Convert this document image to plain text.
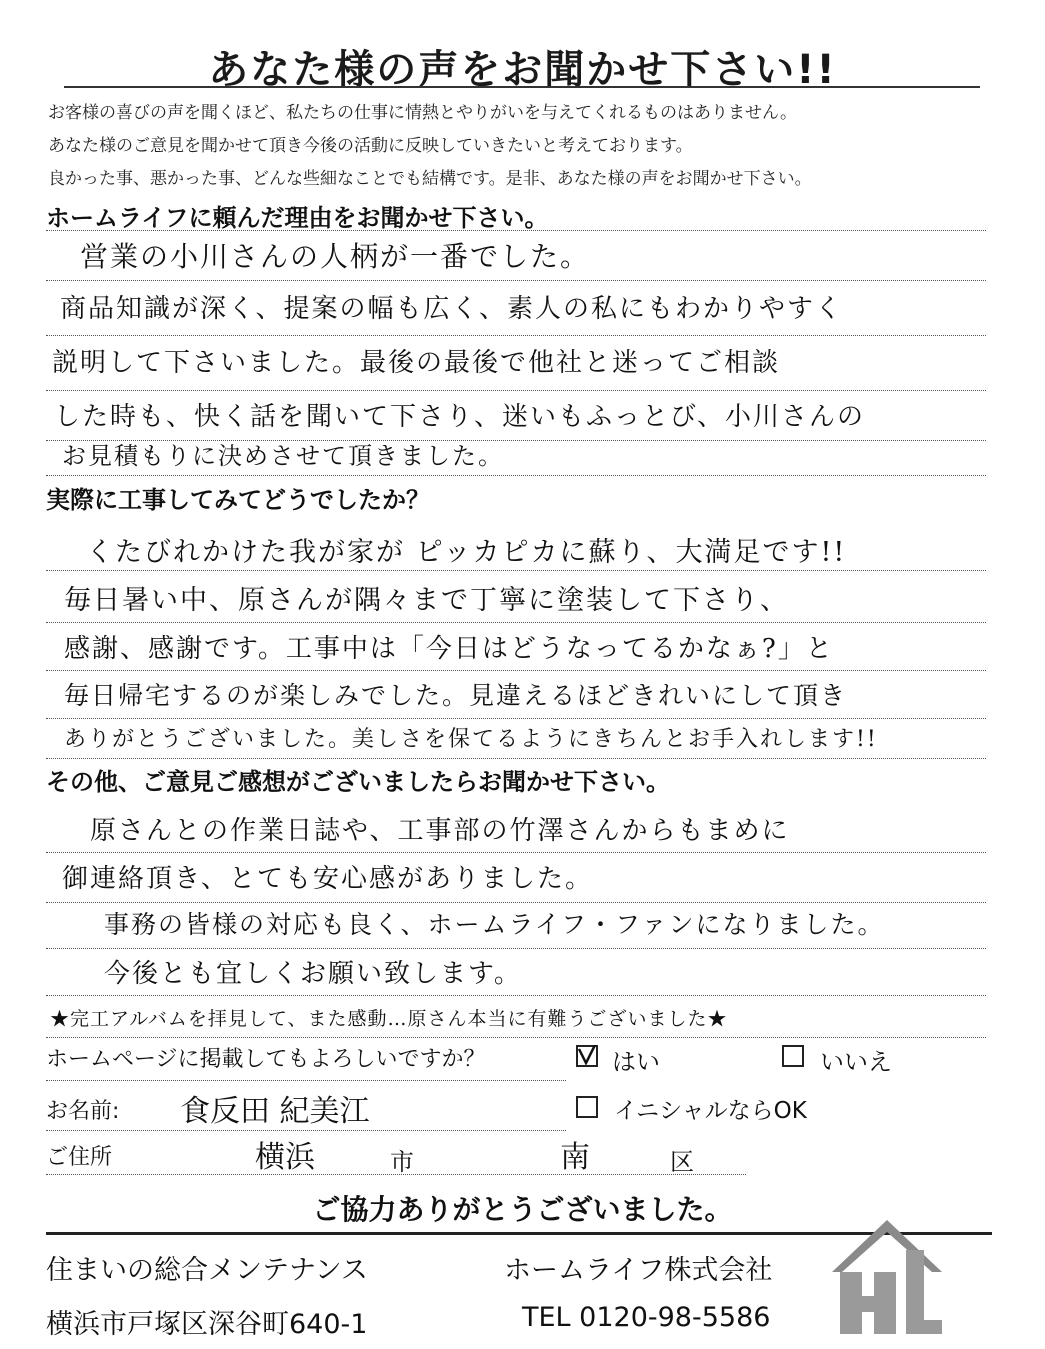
あなた様の声をお聞かせ下さい!!
お客様の喜びの声を聞くほど、私たちの仕事に情熱とやりがいを与えてくれるものはありません。
あなた様のご意見を聞かせて頂き今後の活動に反映していきたいと考えております。
良かった事、悪かった事、どんな些細なことでも結構です。是非、あなた様の声をお聞かせ下さい。
ホームライフに頼んだ理由をお聞かせ下さい。
営業の小川さんの人柄が一番でした。
商品知識が深く、提案の幅も広く、素人の私にもわかりやすく
説明して下さいました。最後の最後で他社と迷ってご相談
した時も、快く話を聞いて下さり、迷いもふっとび、小川さんの
お見積もりに決めさせて頂きました。
実際に工事してみてどうでしたか？
くたびれかけた我が家が ピッカピカに蘇り、大満足です!!
毎日暑い中、原さんが隅々まで丁寧に塗装して下さり、
感謝、感謝です。工事中は「今日はどうなってるかなぁ?」と
毎日帰宅するのが楽しみでした。見違えるほどきれいにして頂き
ありがとうございました。美しさを保てるようにきちんとお手入れします!!
その他、ご意見ご感想がございましたらお聞かせ下さい。
原さんとの作業日誌や、工事部の竹澤さんからもまめに
御連絡頂き、とても安心感がありました。
事務の皆様の対応も良く、ホームライフ・ファンになりました。
今後とも宜しくお願い致します。
★完工アルバムを拝見して、また感動…原さん本当に有難うございました★
ホームページに掲載してもよろしいですか？	はい	いいえ
お名前: 食反田 紀美江	イニシャルならOK
ご住所	横浜	市	南	区
ご協力ありがとうございました。
住まいの総合メンテナンス	ホームライフ株式会社
横浜市戸塚区深谷町640-1	TEL 0120-98-5586
